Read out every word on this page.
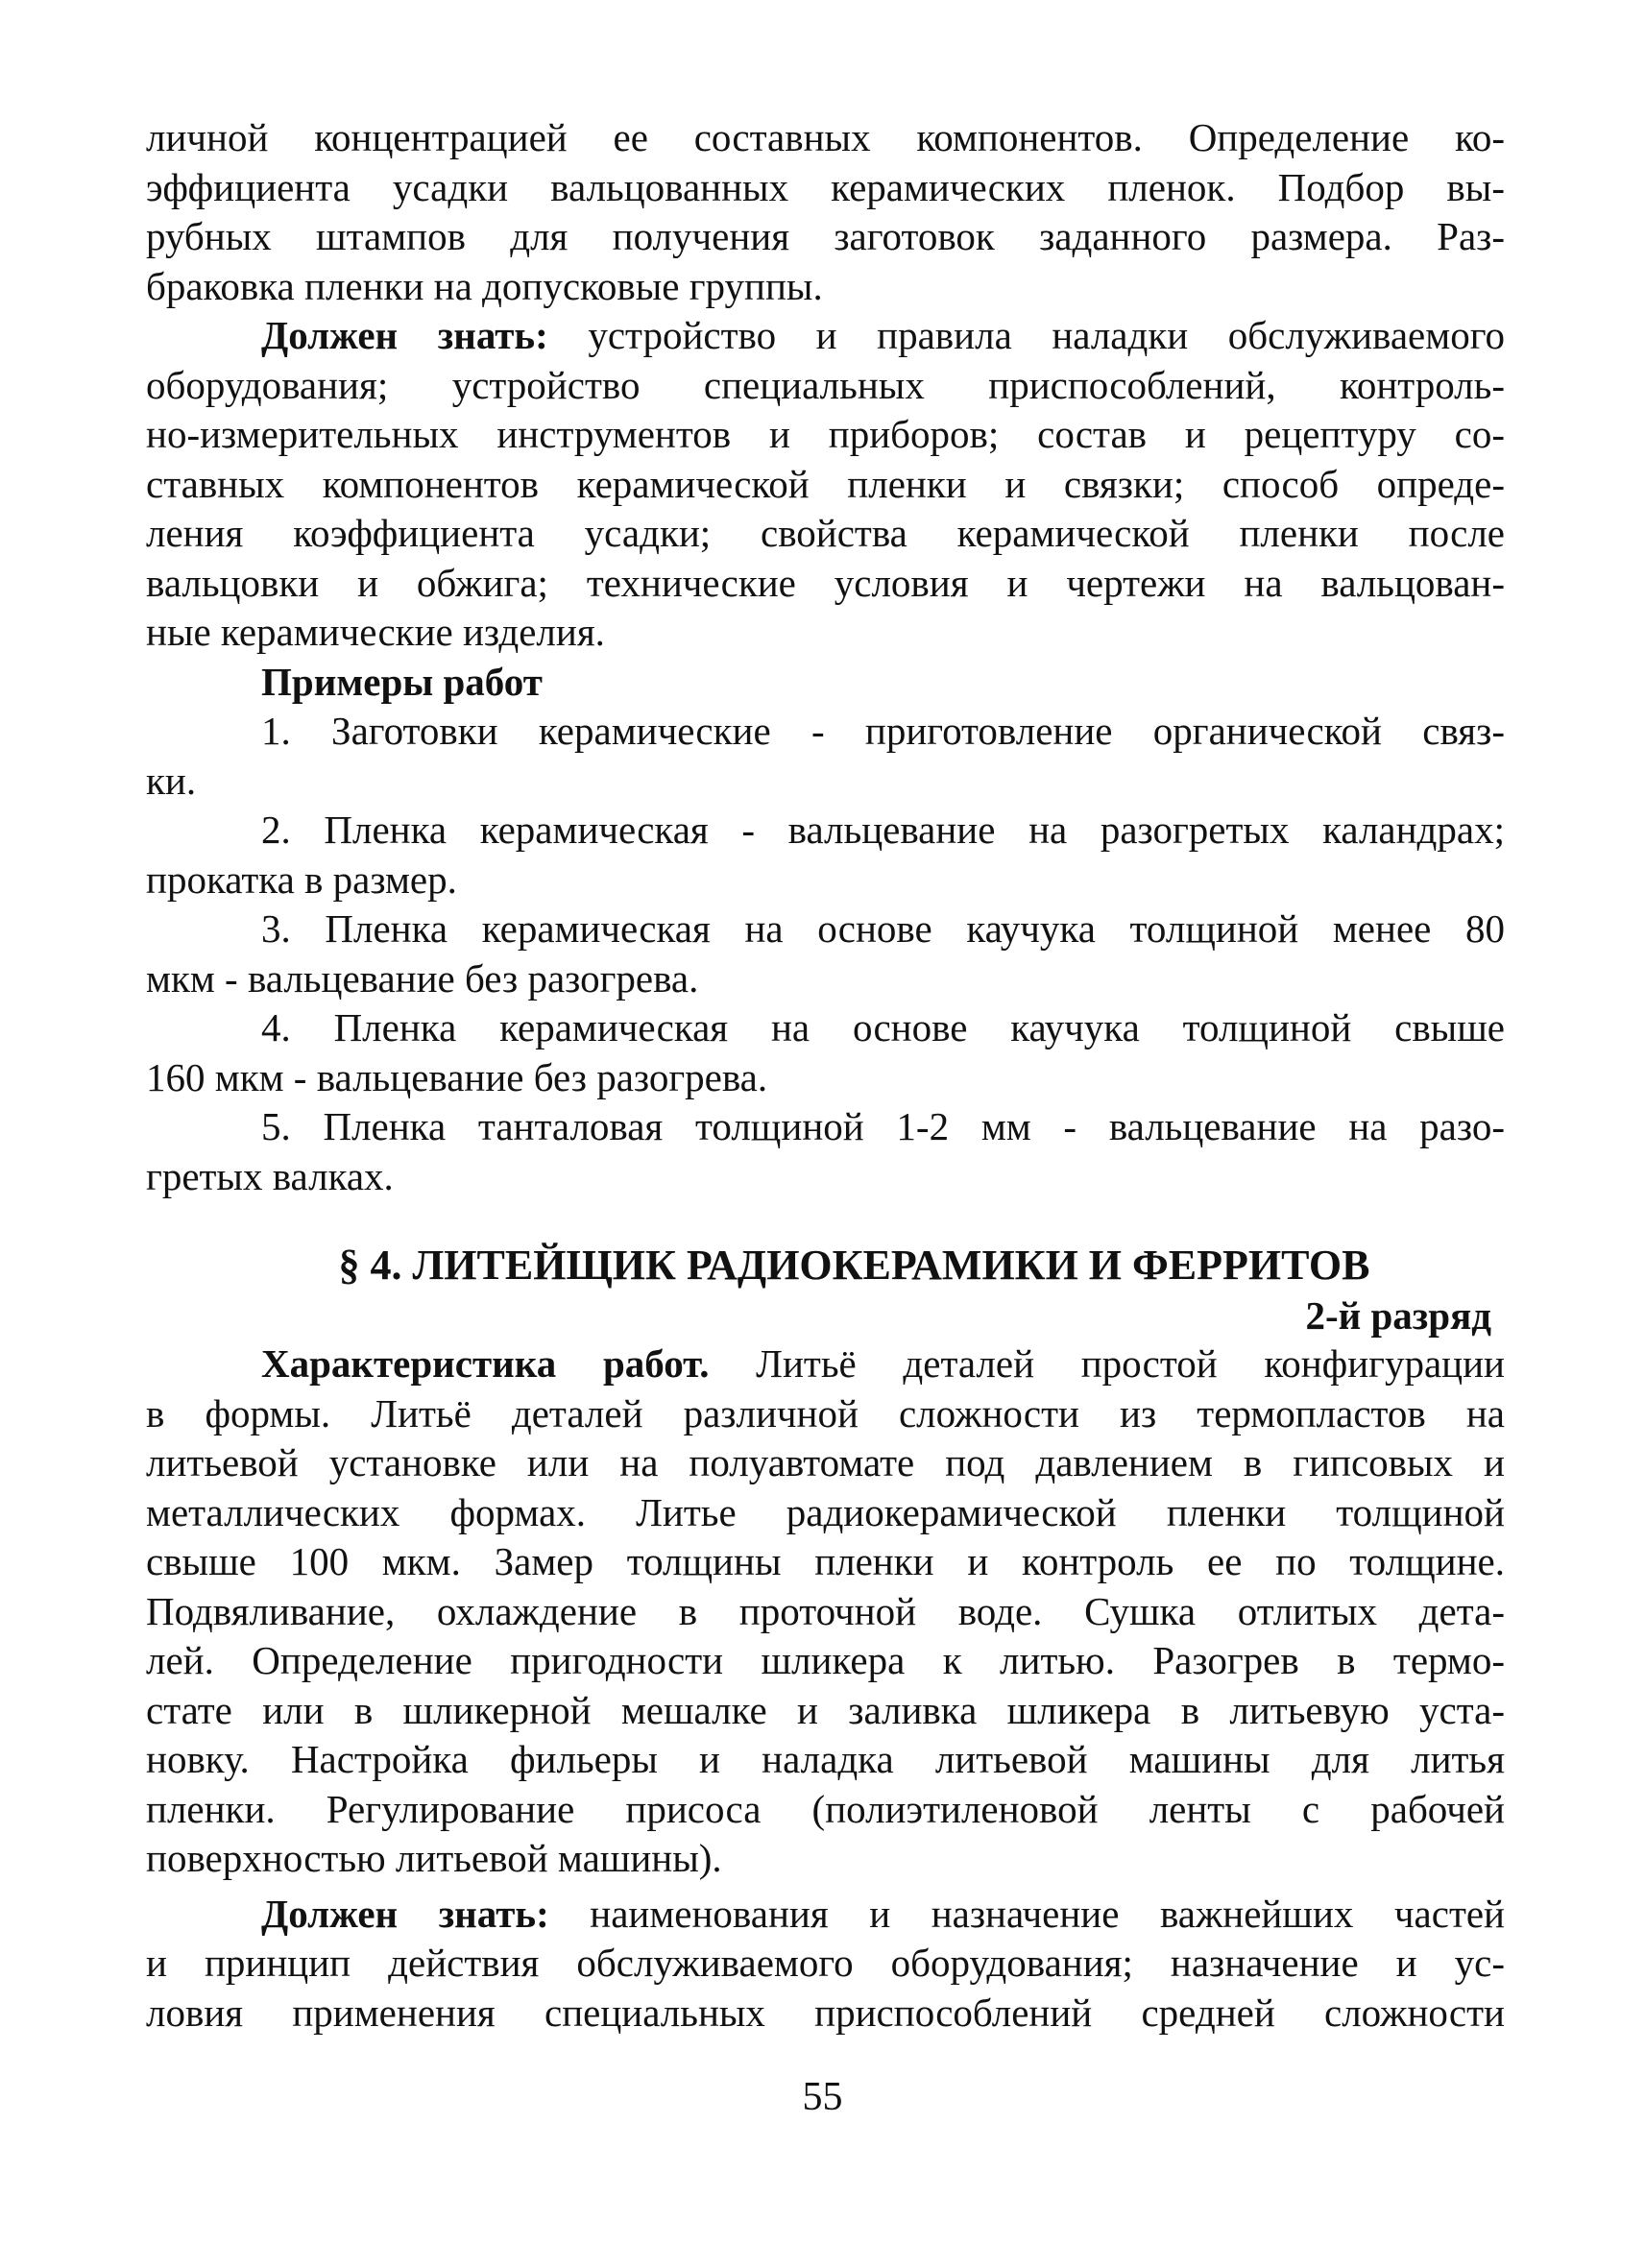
личной концентрацией ее составных компонентов. Определение ко-
эффициента усадки вальцованных керамических пленок. Подбор вы-
рубных штампов для получения заготовок заданного размера. Раз-
браковка пленки на допусковые группы.
Должен знать: устройство и правила наладки обслуживаемого
оборудования; устройство специальных приспособлений, контроль-
но-измерительных инструментов и приборов; состав и рецептуру со-
ставных компонентов керамической пленки и связки; способ опреде-
ления коэффициента усадки; свойства керамической пленки после
вальцовки и обжига; технические условия и чертежи на вальцован-
ные керамические изделия.
Примеры работ
1. Заготовки керамические - приготовление органической связ-
ки.
2. Пленка керамическая - вальцевание на разогретых каландрах;
прокатка в размер.
3. Пленка керамическая на основе каучука толщиной менее 80
мкм - вальцевание без разогрева.
4. Пленка керамическая на основе каучука толщиной свыше
160 мкм - вальцевание без разогрева.
5. Пленка танталовая толщиной 1-2 мм - вальцевание на разо-
гретых валках.
§ 4. ЛИТЕЙЩИК РАДИОКЕРАМИКИ И ФЕРРИТОВ
2-й разряд
Характеристика работ. Литьё деталей простой конфигурации
в формы. Литьё деталей различной сложности из термопластов на
литьевой установке или на полуавтомате под давлением в гипсовых и
металлических формах. Литье радиокерамической пленки толщиной
свыше 100 мкм. Замер толщины пленки и контроль ее по толщине.
Подвяливание, охлаждение в проточной воде. Сушка отлитых дета-
лей. Определение пригодности шликера к литью. Разогрев в термо-
стате или в шликерной мешалке и заливка шликера в литьевую уста-
новку. Настройка фильеры и наладка литьевой машины для литья
пленки. Регулирование присоса (полиэтиленовой ленты с рабочей
поверхностью литьевой машины).
Должен знать: наименования и назначение важнейших частей
и принцип действия обслуживаемого оборудования; назначение и ус-
ловия применения специальных приспособлений средней сложности
55
